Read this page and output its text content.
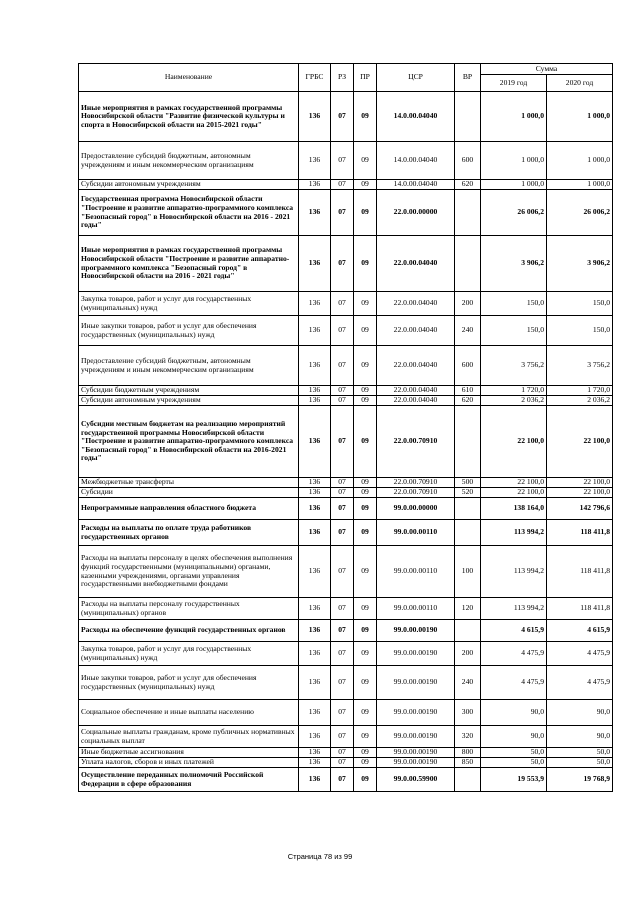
Наименование	ГРБС	РЗ	ПР	ЦСР	ВР	Сумма	
						2019 год	2020 год
Иные мероприятия в рамках государственной программы Новосибирской области "Развитие физической культуры и спорта в Новосибирской области на 2015-2021 годы"	136	07	09	14.0.00.04040		1 000,0	1 000,0
Предоставление субсидий бюджетным, автономным учреждениям и иным некоммерческим организациям	136	07	09	14.0.00.04040	600	1 000,0	1 000,0
Субсидии автономным учреждениям	136	07	09	14.0.00.04040	620	1 000,0	1 000,0
Государственная программа Новосибирской области "Построение и развитие аппаратно-программного комплекса "Безопасный город" в Новосибирской области на 2016 - 2021 годы"	136	07	09	22.0.00.00000		26 006,2	26 006,2
Иные мероприятия в рамках государственной программы Новосибирской области "Построение и развитие аппаратно-программного комплекса "Безопасный город" в Новосибирской области на 2016 - 2021 годы"	136	07	09	22.0.00.04040		3 906,2	3 906,2
Закупка товаров, работ и услуг для государственных (муниципальных) нужд	136	07	09	22.0.00.04040	200	150,0	150,0
Иные закупки товаров, работ и услуг для обеспечения государственных (муниципальных) нужд	136	07	09	22.0.00.04040	240	150,0	150,0
Предоставление субсидий бюджетным, автономным учреждениям и иным некоммерческим организациям	136	07	09	22.0.00.04040	600	3 756,2	3 756,2
Субсидии бюджетным учреждениям	136	07	09	22.0.00.04040	610	1 720,0	1 720,0
Субсидии автономным учреждениям	136	07	09	22.0.00.04040	620	2 036,2	2 036,2
Субсидии местным бюджетам на реализацию мероприятий государственной программы Новосибирской области "Построение и развитие аппаратно-программного комплекса "Безопасный город" в Новосибирской области на 2016-2021 годы"	136	07	09	22.0.00.70910		22 100,0	22 100,0
Межбюджетные трансферты	136	07	09	22.0.00.70910	500	22 100,0	22 100,0
Субсидии	136	07	09	22.0.00.70910	520	22 100,0	22 100,0
Непрограммные направления областного бюджета	136	07	09	99.0.00.00000		138 164,0	142 796,6
Расходы на выплаты по оплате труда работников государственных органов	136	07	09	99.0.00.00110		113 994,2	118 411,8
Расходы на выплаты персоналу в целях обеспечения выполнения функций государственными (муниципальными) органами, казенными учреждениями, органами управления государственными внебюджетными фондами	136	07	09	99.0.00.00110	100	113 994,2	118 411,8
Расходы на выплаты персоналу государственных (муниципальных) органов	136	07	09	99.0.00.00110	120	113 994,2	118 411,8
Расходы на обеспечение функций государственных органов	136	07	09	99.0.00.00190		4 615,9	4 615,9
Закупка товаров, работ и услуг для государственных (муниципальных) нужд	136	07	09	99.0.00.00190	200	4 475,9	4 475,9
Иные закупки товаров, работ и услуг для обеспечения государственных (муниципальных) нужд	136	07	09	99.0.00.00190	240	4 475,9	4 475,9
Социальное обеспечение и иные выплаты населению	136	07	09	99.0.00.00190	300	90,0	90,0
Социальные выплаты гражданам, кроме публичных нормативных социальных выплат	136	07	09	99.0.00.00190	320	90,0	90,0
Иные бюджетные ассигнования	136	07	09	99.0.00.00190	800	50,0	50,0
Уплата налогов, сборов и иных платежей	136	07	09	99.0.00.00190	850	50,0	50,0
Осуществление переданных полномочий Российской Федерации в сфере образования	136	07	09	99.0.00.59900		19 553,9	19 768,9
Страница 78 из 99
